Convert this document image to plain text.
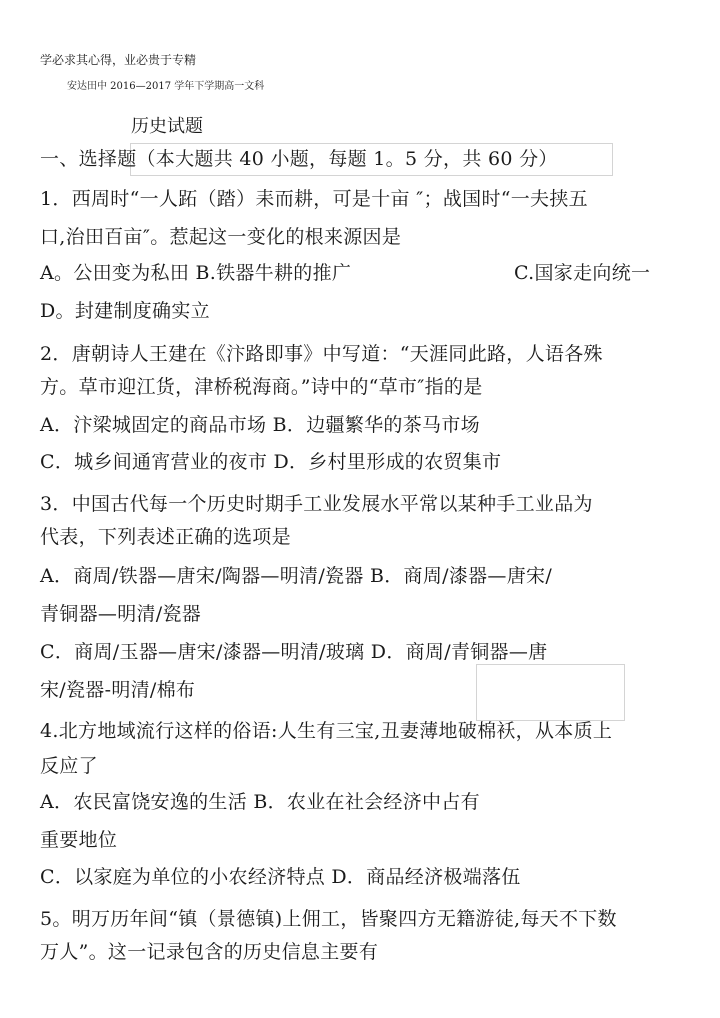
学必求其心得，业必贵于专精
安达田中 2016—2017 学年下学期高一文科
历史试题
一、选择题（本大题共 40 小题，每题 1。5 分，共 60 分）
1．西周时“一人跖（踏）耒而耕，可是十亩 ″；战国时“一夫挟五
口,治田百亩″。惹起这一变化的根来源因是
A。公田变为私田 B.铁器牛耕的推广	C.国家走向统一
D。封建制度确实立
2．唐朝诗人王建在《汴路即事》中写道：“天涯同此路，人语各殊
方。草市迎江货，津桥税海商。”诗中的“草市″指的是
A．汴梁城固定的商品市场 B．边疆繁华的茶马市场
C．城乡间通宵营业的夜市 D．乡村里形成的农贸集市
3．中国古代每一个历史时期手工业发展水平常以某种手工业品为
代表，下列表述正确的选项是
A．商周/铁器—唐宋/陶器—明清/瓷器 B．商周/漆器—唐宋/
青铜器—明清/瓷器
C．商周/玉器—唐宋/漆器—明清/玻璃 D．商周/青铜器—唐
宋/瓷器-明清/棉布
4.北方地域流行这样的俗语:人生有三宝,丑妻薄地破棉袄，从本质上
反应了
A．农民富饶安逸的生活 B．农业在社会经济中占有
重要地位
C．以家庭为单位的小农经济特点 D．商品经济极端落伍
5。明万历年间“镇（景德镇)上佣工，皆聚四方无籍游徒,每天不下数
万人”。这一记录包含的历史信息主要有
